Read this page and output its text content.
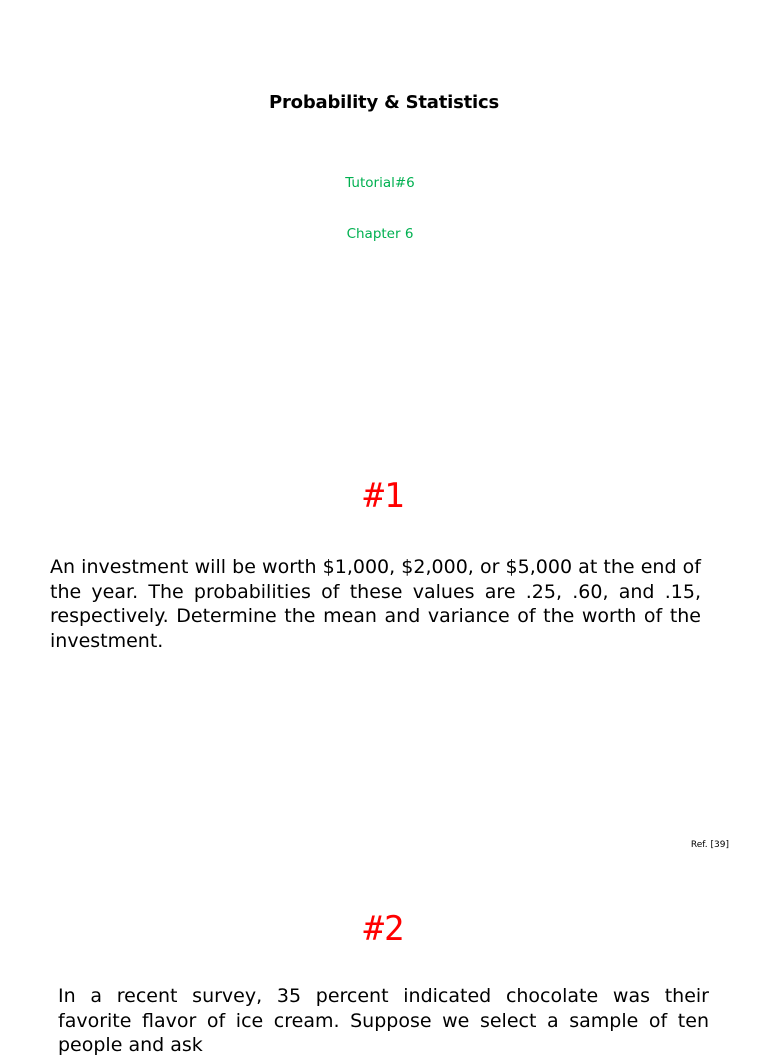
Probability & Statistics
Tutorial#6
Chapter 6
#1

An investment will be worth $1,000, $2,000, or $5,000 at the end of the year. The probabilities of these values are .25, .60, and .15, respectively. Determine the mean and variance of the worth of the investment.

Ref. [39]
#2

In a recent survey, 35 percent indicated chocolate was their favorite flavor of ice cream. Suppose we select a sample of ten people and ask
